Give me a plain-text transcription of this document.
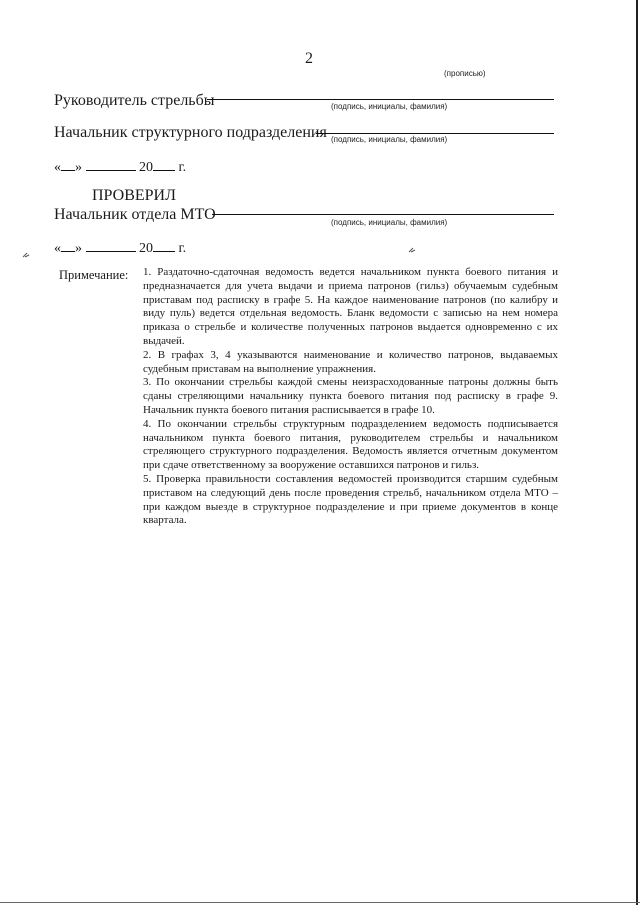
2
(прописью)
Руководитель стрельбы	(подпись, инициалы, фамилия)
Начальник структурного подразделения (подпись, инициалы, фамилия)
« »	20 г.
ПРОВЕРИЛ
Начальник отдела МТО	(подпись, инициалы, фамилия)
« »	20 г.
Примечание: 1. Раздаточно-сдаточная ведомость ведется начальником пункта боевого питания и предназначается для учета выдачи и приема патронов (гильз) обучаемым судебным приставам под расписку в графе 5. На каждое наименование патронов (по калибру и виду пуль) ведется отдельная ведомость. Бланк ведомости с записью на нем номера приказа о стрельбе и количестве полученных патронов выдается одновременно с их выдачей.

2. В графах 3, 4 указываются наименование и количество патронов, выдаваемых судебным приставам на выполнение упражнения.

3. По окончании стрельбы каждой смены неизрасходованные патроны должны быть сданы стреляющими начальнику пункта боевого питания под расписку в графе 9. Начальник пункта боевого питания расписывается в графе 10.

4. По окончании стрельбы структурным подразделением ведомость подписывается начальником пункта боевого питания, руководителем стрельбы и начальником стреляющего структурного подразделения. Ведомость является отчетным документом при сдаче ответственному за вооружение оставшихся патронов и гильз.

5. Проверка правильности составления ведомостей производится старшим судебным приставом на следующий день после проведения стрельб, начальником отдела МТО – при каждом выезде в структурное подразделение и при приеме документов в конце квартала.
